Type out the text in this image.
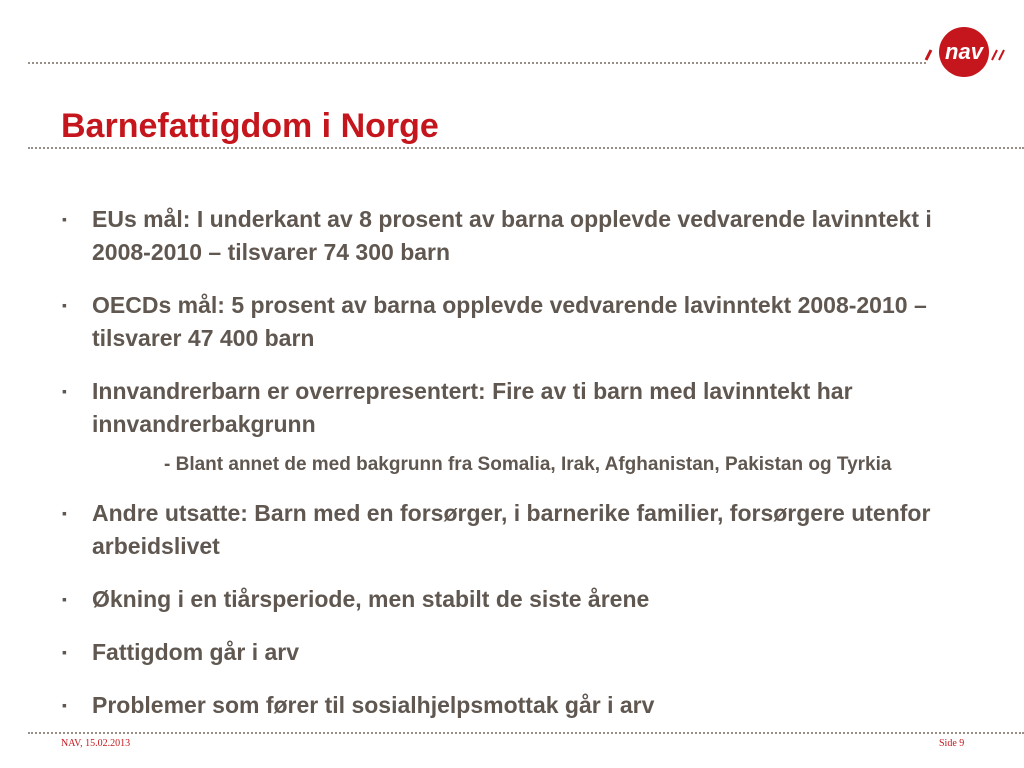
nav
Barnefattigdom i Norge
▪ EUs mål: I underkant av 8 prosent av barna opplevde vedvarende lavinntekt i 2008-2010 – tilsvarer 74 300 barn
▪ OECDs mål: 5 prosent av barna opplevde vedvarende lavinntekt 2008-2010 – tilsvarer 47 400 barn
▪ Innvandrerbarn er overrepresentert: Fire av ti barn med lavinntekt har innvandrerbakgrunn
- Blant annet de med bakgrunn fra Somalia, Irak, Afghanistan, Pakistan og Tyrkia
▪ Andre utsatte: Barn med en forsørger, i barnerike familier, forsørgere utenfor arbeidslivet
▪ Økning i en tiårsperiode, men stabilt de siste årene
▪ Fattigdom går i arv
▪ Problemer som fører til sosialhjelpsmottak går i arv
NAV, 15.02.2013	Side 9
